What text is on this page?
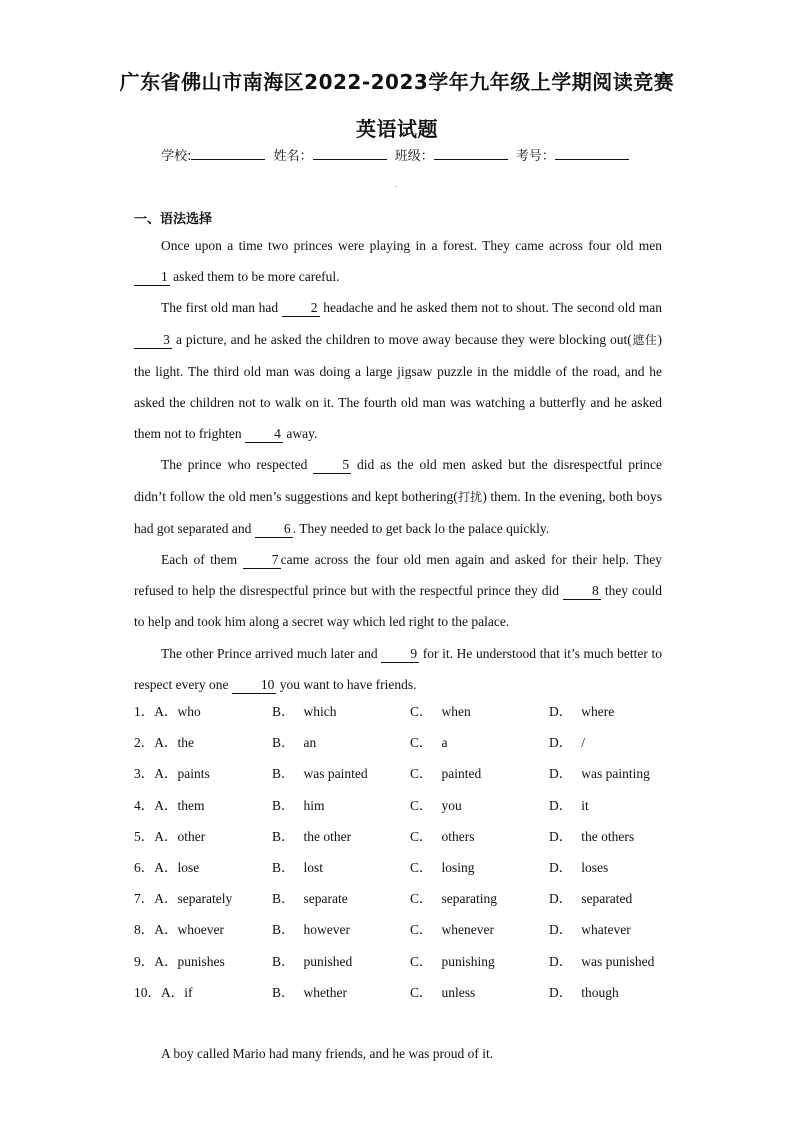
广东省佛山市南海区2022-2023学年九年级上学期阅读竞赛
英语试题
学校:	姓名：	班级：	考号：
一、语法选择

Once upon a time two princes were playing in a forest. They came across four old men 1 asked them to be more careful.

The first old man had 2 headache and he asked them not to shout. The second old man 3 a picture, and he asked the children to move away because they were blocking out(遮住) the light. The third old man was doing a large jigsaw puzzle in the middle of the road, and he asked the children not to walk on it. The fourth old man was watching a butterfly and he asked them not to frighten 4 away.

The prince who respected 5 did as the old men asked but the disrespectful prince didn’t follow the old men’s suggestions and kept bothering(打扰) them. In the evening, both boys had got separated and 6 . They needed to get back lo the palace quickly.

Each of them 7 came across the four old men again and asked for their help. They refused to help the disrespectful prince but with the respectful prince they did 8 they could to help and took him along a secret way which led right to the palace.

The other Prince arrived much later and 9 for it. He understood that it’s much better to respect every one 10 you want to have friends.

1．A．who	B． which	C． when	D． where
2．A．the	B． an	C． a	D． /
3．A．paints	B． was painted	C． painted	D． was painting
4．A．them	B． him	C． you	D． it
5．A．other	B． the other	C． others	D． the others
6．A．lose	B． lost	C． losing	D． loses
7．A．separately	B． separate	C． separating	D． separated
8．A．whoever	B． however	C． whenever	D． whatever
9．A．punishes	B． punished	C． punishing	D． was punished
10．A．if	B． whether	C． unless	D． though
A boy called Mario had many friends, and he was proud of it.
